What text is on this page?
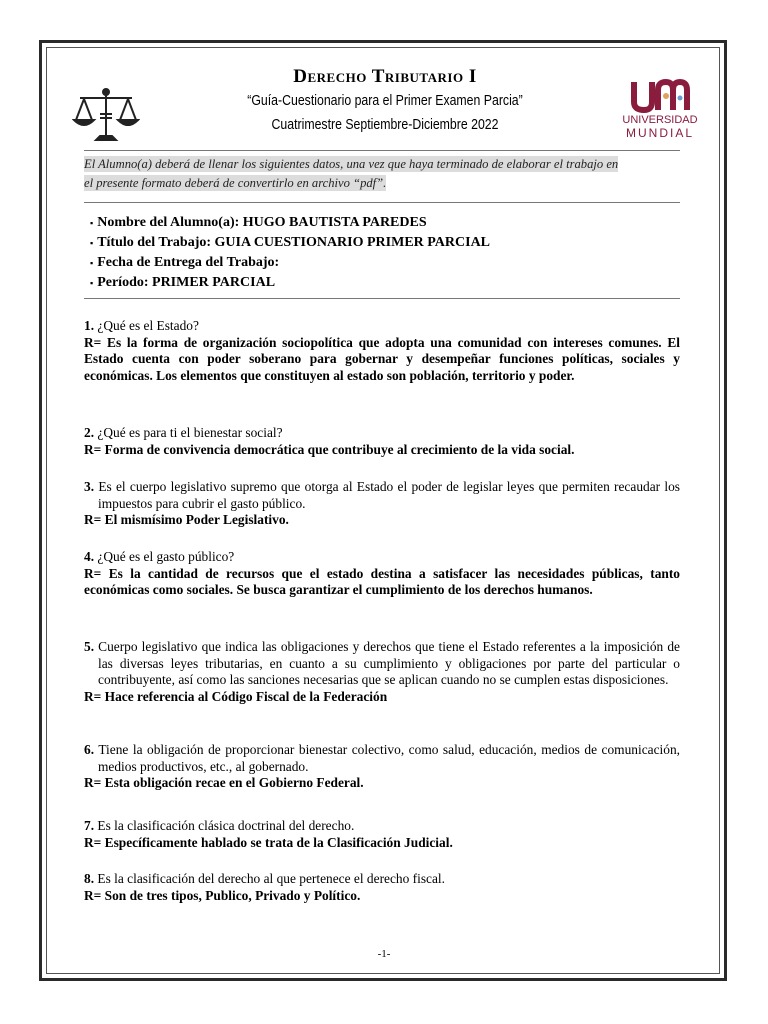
UNIVERSIDAD
MUNDIAL
Derecho Tributario I
“Guía-Cuestionario para el Primer Examen Parcia”
Cuatrimestre Septiembre-Diciembre 2022
El Alumno(a) deberá de llenar los siguientes datos, una vez que haya terminado de elaborar el trabajo en
el presente formato deberá de convertirlo en archivo “pdf”.
▪ Nombre del Alumno(a): HUGO BAUTISTA PAREDES
▪ Título del Trabajo: GUIA CUESTIONARIO PRIMER PARCIAL
▪ Fecha de Entrega del Trabajo:
▪ Período: PRIMER PARCIAL
1. ¿Qué es el Estado?
R= Es la forma de organización sociopolítica que adopta una comunidad con intereses comunes. El Estado cuenta con poder soberano para gobernar y desempeñar funciones políticas, sociales y económicas. Los elementos que constituyen al estado son población, territorio y poder.
2. ¿Qué es para ti el bienestar social?
R= Forma de convivencia democrática que contribuye al crecimiento de la vida social.
3. Es el cuerpo legislativo supremo que otorga al Estado el poder de legislar leyes que permiten recaudar los impuestos para cubrir el gasto público.
R= El mismísimo Poder Legislativo.
4. ¿Qué es el gasto público?
R= Es la cantidad de recursos que el estado destina a satisfacer las necesidades públicas, tanto económicas como sociales. Se busca garantizar el cumplimiento de los derechos humanos.
5. Cuerpo legislativo que indica las obligaciones y derechos que tiene el Estado referentes a la imposición de las diversas leyes tributarias, en cuanto a su cumplimiento y obligaciones por parte del particular o contribuyente, así como las sanciones necesarias que se aplican cuando no se cumplen estas disposiciones.
R= Hace referencia al Código Fiscal de la Federación
6. Tiene la obligación de proporcionar bienestar colectivo, como salud, educación, medios de comunicación, medios productivos, etc., al gobernado.
R= Esta obligación recae en el Gobierno Federal.
7. Es la clasificación clásica doctrinal del derecho.
R= Específicamente hablado se trata de la Clasificación Judicial.
8. Es la clasificación del derecho al que pertenece el derecho fiscal.
R= Son de tres tipos, Publico, Privado y Político.
-1-
